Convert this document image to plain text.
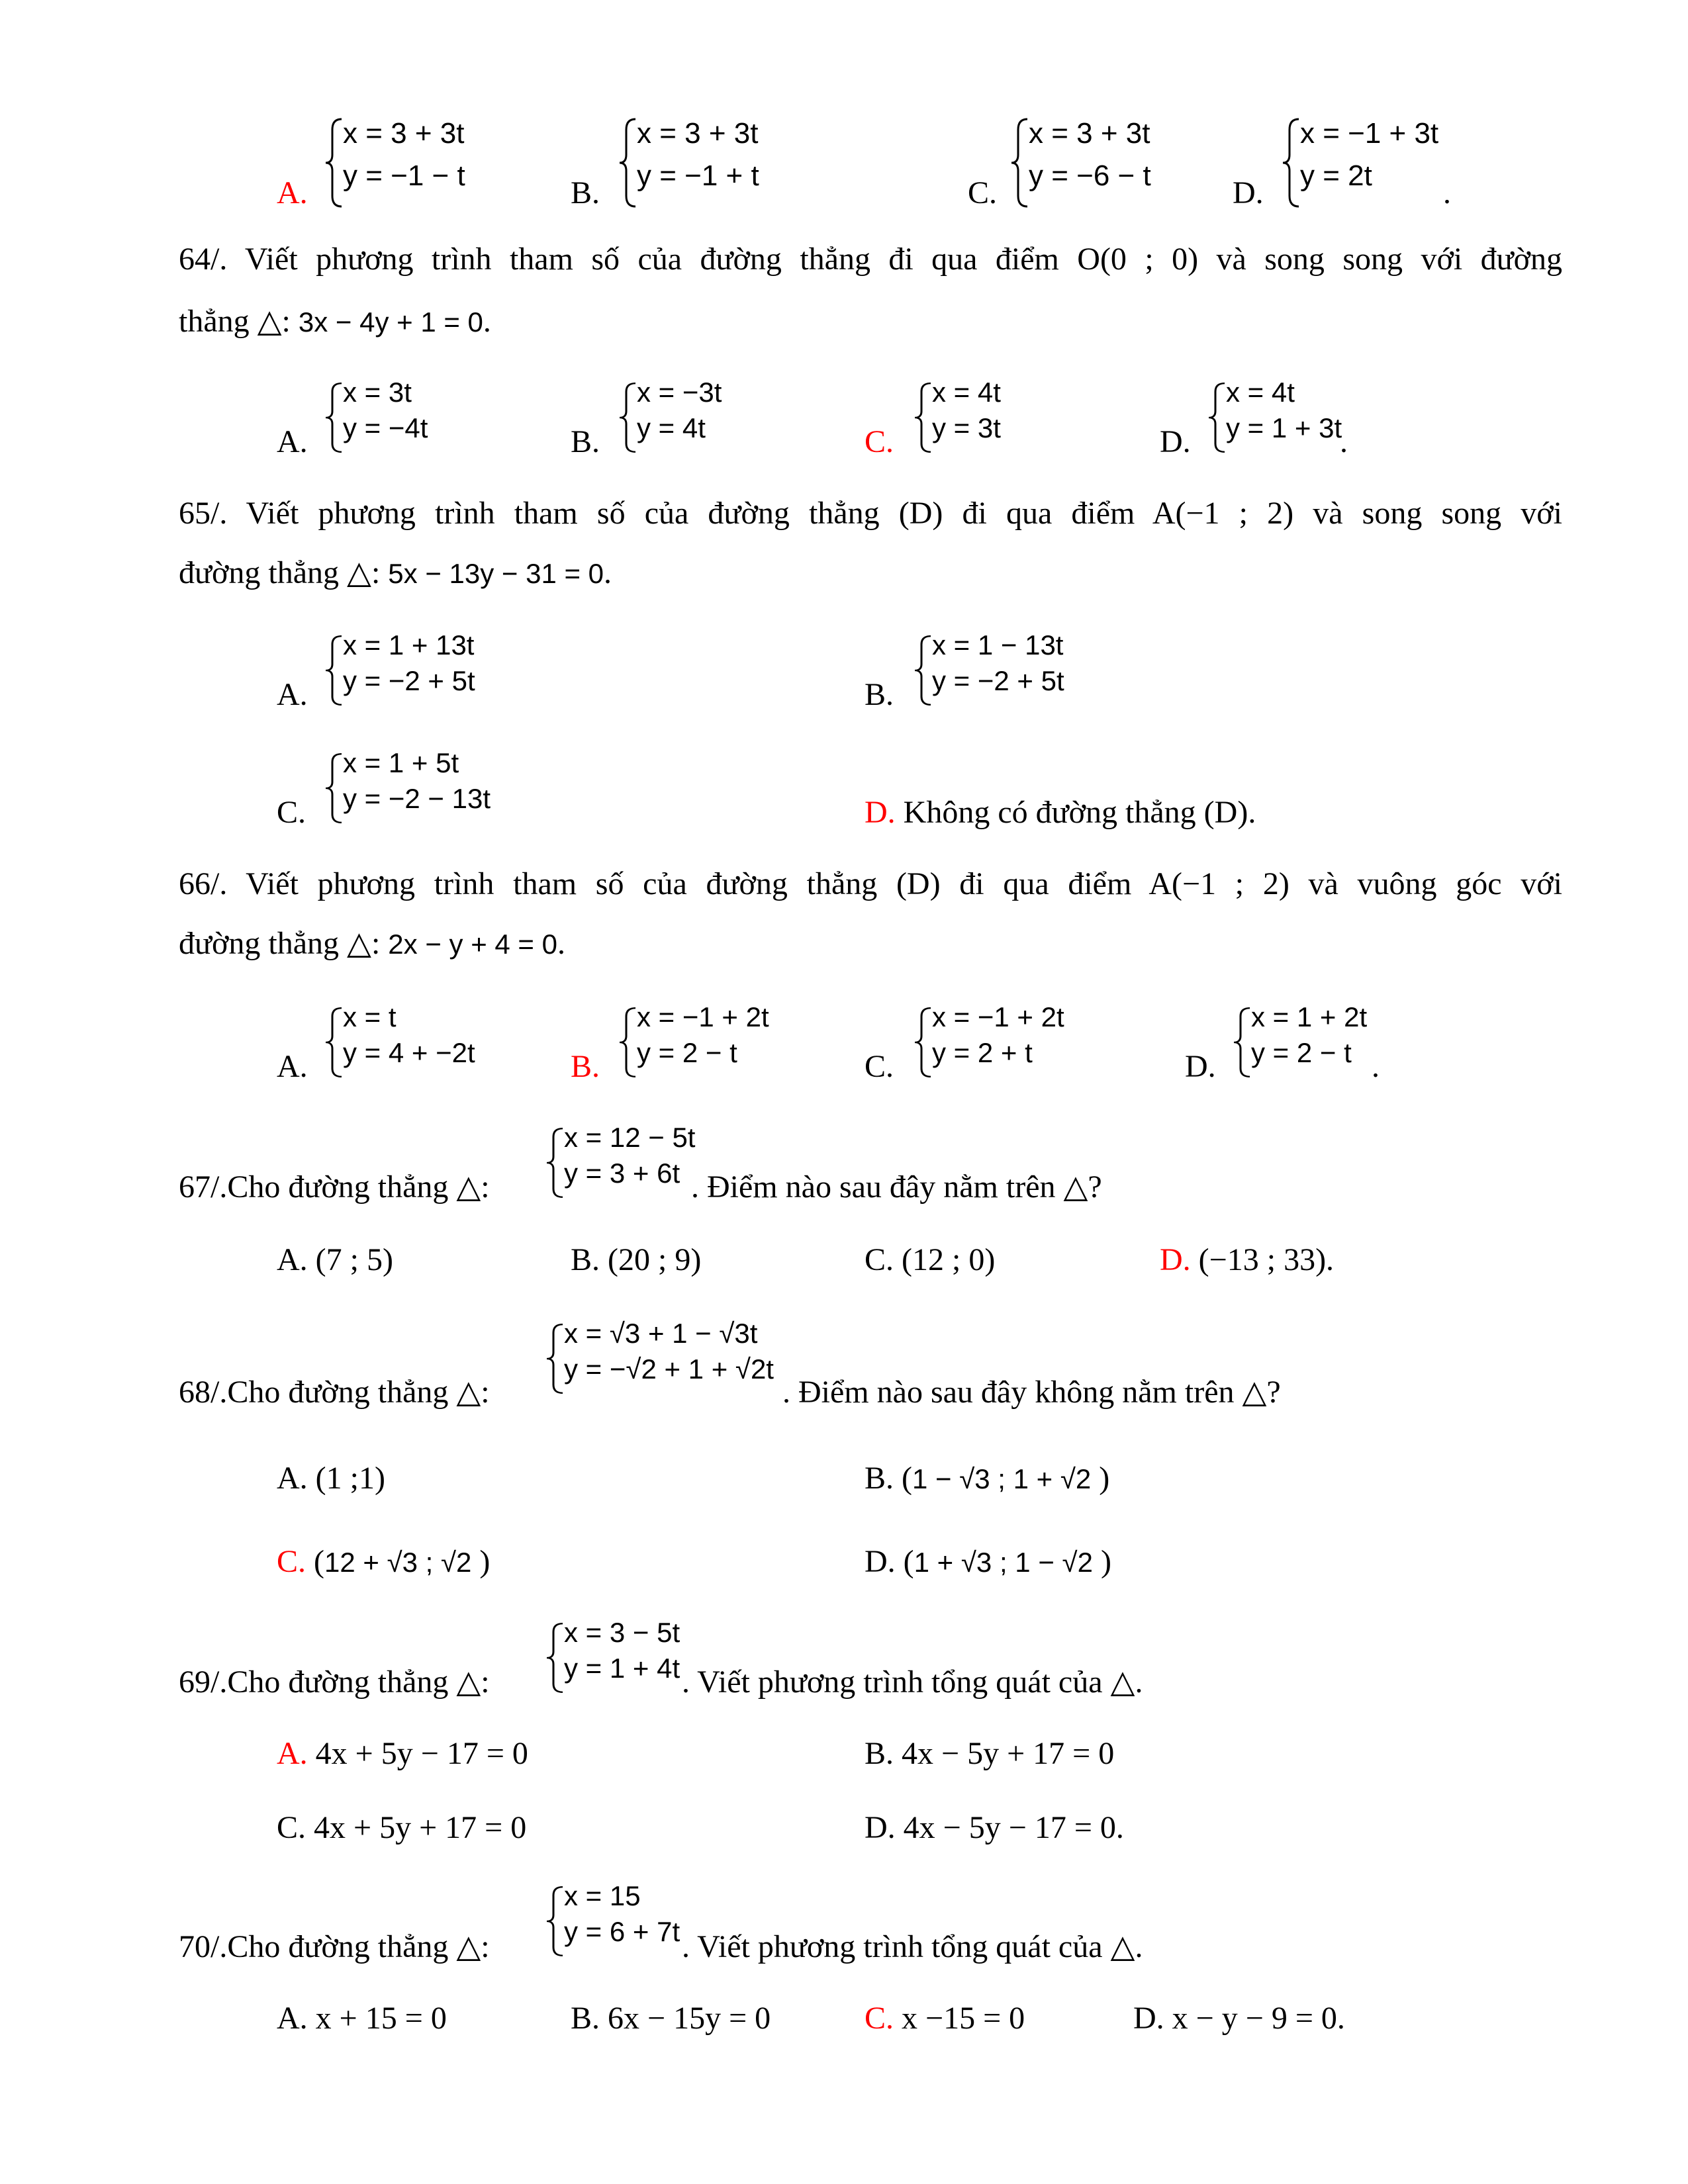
A.
x = 3 + 3t
y = −1 − t	B.
x = 3 + 3t
y = −1 + t	C.
x = 3 + 3t
y = −6 − t	D.
x = −1 + 3t
y = 2t .
64/. Viết phương trình tham số của đường thẳng đi qua điểm O(0 ; 0) và song song với đường
thẳng △: 3x − 4y + 1 = 0.
A.
x = 3t
y = −4t	B.
x = −3t
y = 4t	C.
x = 4t
y = 3t	D.
x = 4t
y = 1 + 3t
.
65/. Viết phương trình tham số của đường thẳng (D) đi qua điểm A(−1 ; 2) và song song với
đường thẳng △: 5x − 13y − 31 = 0.
A.
x = 1 + 13t
y = −2 + 5t	B.
x = 1 − 13t
y = −2 + 5t
C.
x = 1 + 5t
y = −2 − 13t	D. Không có đường thẳng (D).
66/. Viết phương trình tham số của đường thẳng (D) đi qua điểm A(−1 ; 2) và vuông góc với
đường thẳng △: 2x − y + 4 = 0.
A.
x = t
y = 4 + −2t	B.
x = −1 + 2t
y = 2 − t	C.
x = −1 + 2t
y = 2 + t	D.
x = 1 + 2t
y = 2 − t .
67/.Cho đường thẳng △:
x = 12 − 5t
y = 3 + 6t . Điểm nào sau đây nằm trên △?
A. (7 ; 5)	B. (20 ; 9)	C. (12 ; 0)	D. (−13 ; 33).
68/.Cho đường thẳng △:
x = √3 + 1 − √3t
y = −√2 + 1 + √2t
. Điểm nào sau đây không nằm trên △?
A. (1 ;1)	B. (1 − √3 ; 1 + √2 )
C. (12 + √3 ; √2 )	D. (1 + √3 ; 1 − √2 )
69/.Cho đường thẳng △:
x = 3 − 5t
y = 1 + 4t . Viết phương trình tổng quát của △.
A. 4x + 5y − 17 = 0	B. 4x − 5y + 17 = 0
C. 4x + 5y + 17 = 0	D. 4x − 5y − 17 = 0.
70/.Cho đường thẳng △:
x = 15
y = 6 + 7t . Viết phương trình tổng quát của △.
A. x + 15 = 0	B. 6x − 15y = 0	C. x −15 = 0	D. x − y − 9 = 0.
